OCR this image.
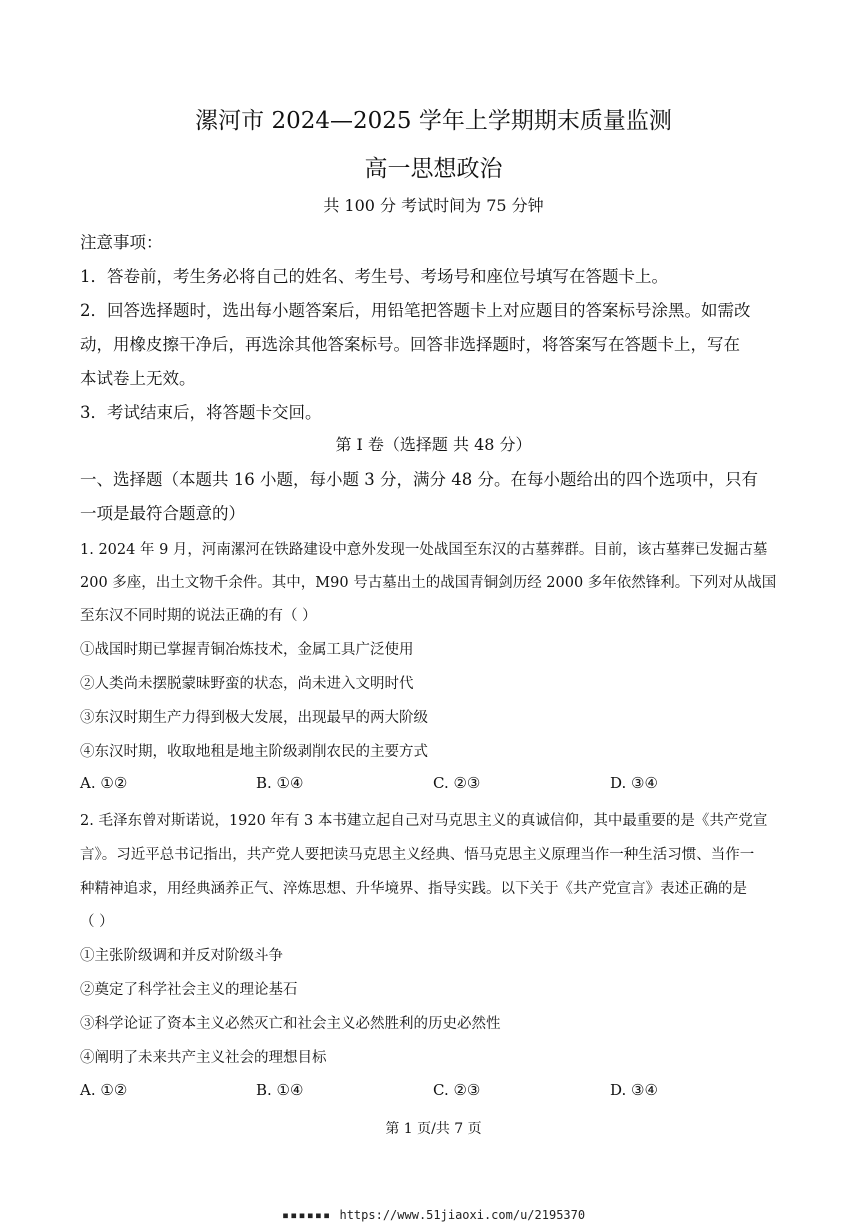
漯河市 2024—2025 学年上学期期末质量监测
高一思想政治
共 100 分 考试时间为 75 分钟
注意事项：
1．答卷前，考生务必将自己的姓名、考生号、考场号和座位号填写在答题卡上。
2．回答选择题时，选出每小题答案后，用铅笔把答题卡上对应题目的答案标号涂黑。如需改
动，用橡皮擦干净后，再选涂其他答案标号。回答非选择题时，将答案写在答题卡上，写在
本试卷上无效。
3．考试结束后，将答题卡交回。
第 I 卷（选择题 共 48 分）
一、选择题（本题共 16 小题，每小题 3 分，满分 48 分。在每小题给出的四个选项中，只有
一项是最符合题意的）
1. 2024 年 9 月，河南漯河在铁路建设中意外发现一处战国至东汉的古墓葬群。目前，该古墓葬已发掘古墓
200 多座，出土文物千余件。其中，M90 号古墓出土的战国青铜剑历经 2000 多年依然锋利。下列对从战国
至东汉不同时期的说法正确的有（ ）
①战国时期已掌握青铜冶炼技术，金属工具广泛使用
②人类尚未摆脱蒙昧野蛮的状态，尚未进入文明时代
③东汉时期生产力得到极大发展，出现最早的两大阶级
④东汉时期，收取地租是地主阶级剥削农民的主要方式
A. ①②	B. ①④	C. ②③	D. ③④
2. 毛泽东曾对斯诺说，1920 年有 3 本书建立起自己对马克思主义的真诚信仰，其中最重要的是《共产党宣
言》。习近平总书记指出，共产党人要把读马克思主义经典、悟马克思主义原理当作一种生活习惯、当作一
种精神追求，用经典涵养正气、淬炼思想、升华境界、指导实践。以下关于《共产党宣言》表述正确的是
（ ）
①主张阶级调和并反对阶级斗争
②奠定了科学社会主义的理论基石
③科学论证了资本主义必然灭亡和社会主义必然胜利的历史必然性
④阐明了未来共产主义社会的理想目标
A. ①②	B. ①④	C. ②③	D. ③④
第 1 页/共 7 页
▪▪▪▪▪▪ https://www.51jiaoxi.com/u/2195370
